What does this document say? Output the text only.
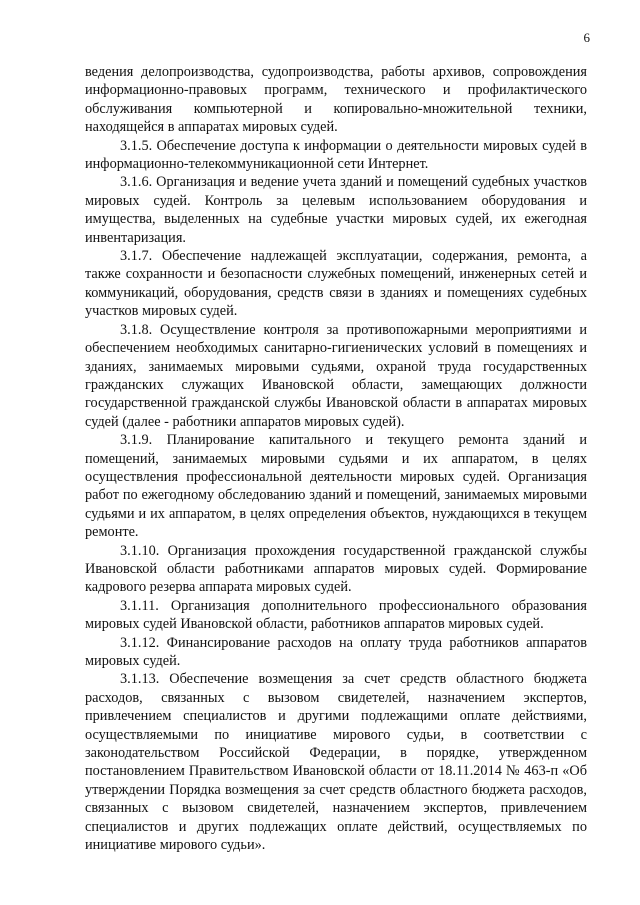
6

ведения делопроизводства, судопроизводства, работы архивов, сопровождения информационно-правовых программ, технического и профилактического обслуживания компьютерной и копировально-множительной техники, находящейся в аппаратах мировых судей.

3.1.5. Обеспечение доступа к информации о деятельности мировых судей в информационно-телекоммуникационной сети Интернет.

3.1.6. Организация и ведение учета зданий и помещений судебных участков мировых судей. Контроль за целевым использованием оборудования и имущества, выделенных на судебные участки мировых судей, их ежегодная инвентаризация.

3.1.7. Обеспечение надлежащей эксплуатации, содержания, ремонта, а также сохранности и безопасности служебных помещений, инженерных сетей и коммуникаций, оборудования, средств связи в зданиях и помещениях судебных участков мировых судей.

3.1.8. Осуществление контроля за противопожарными мероприятиями и обеспечением необходимых санитарно-гигиенических условий в помещениях и зданиях, занимаемых мировыми судьями, охраной труда государственных гражданских служащих Ивановской области, замещающих должности государственной гражданской службы Ивановской области в аппаратах мировых судей (далее - работники аппаратов мировых судей).

3.1.9. Планирование капитального и текущего ремонта зданий и помещений, занимаемых мировыми судьями и их аппаратом, в целях осуществления профессиональной деятельности мировых судей. Организация работ по ежегодному обследованию зданий и помещений, занимаемых мировыми судьями и их аппаратом, в целях определения объектов, нуждающихся в текущем ремонте.

3.1.10. Организация прохождения государственной гражданской службы Ивановской области работниками аппаратов мировых судей. Формирование кадрового резерва аппарата мировых судей.

3.1.11. Организация дополнительного профессионального образования мировых судей Ивановской области, работников аппаратов мировых судей.

3.1.12. Финансирование расходов на оплату труда работников аппаратов мировых судей.

3.1.13. Обеспечение возмещения за счет средств областного бюджета расходов, связанных с вызовом свидетелей, назначением экспертов, привлечением специалистов и другими подлежащими оплате действиями, осуществляемыми по инициативе мирового судьи, в соответствии с законодательством Российской Федерации, в порядке, утвержденном постановлением Правительством Ивановской области от 18.11.2014 № 463-п «Об утверждении Порядка возмещения за счет средств областного бюджета расходов, связанных с вызовом свидетелей, назначением экспертов, привлечением специалистов и других подлежащих оплате действий, осуществляемых по инициативе мирового судьи».
